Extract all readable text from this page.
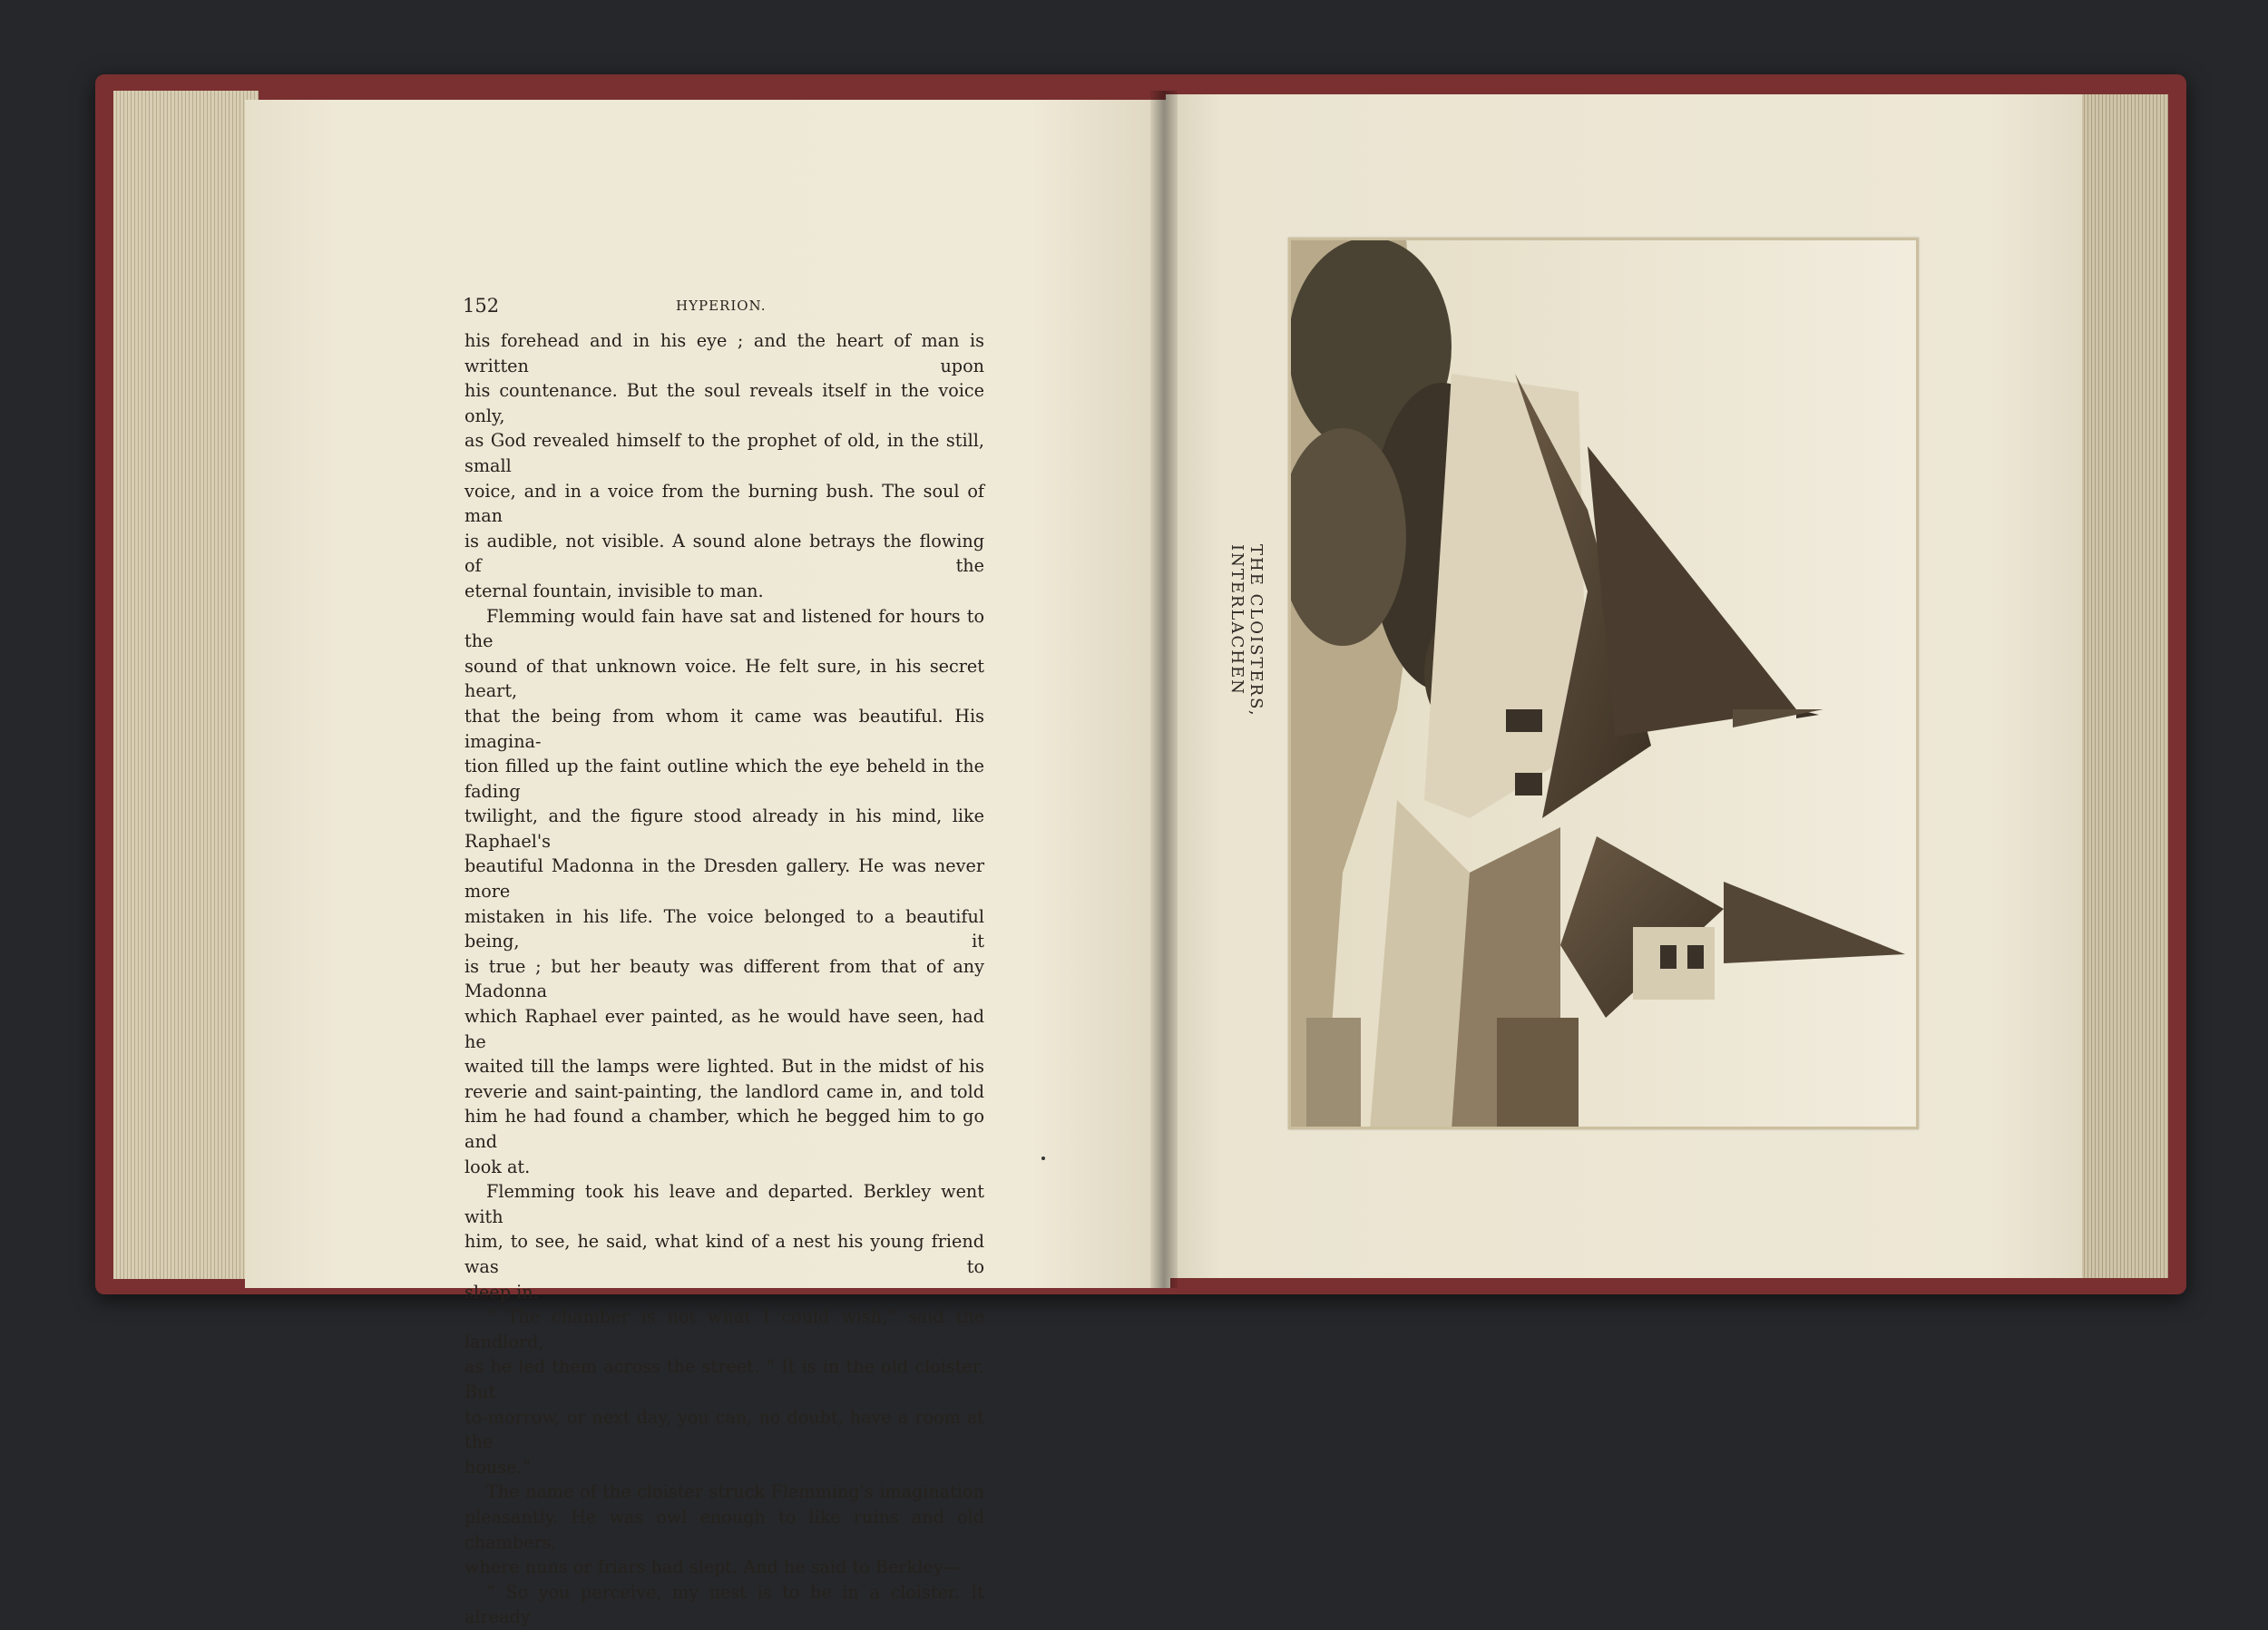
152	HYPERION.

his forehead and in his eye ; and the heart of man is written upon

his countenance. But the soul reveals itself in the voice only,

as God revealed himself to the prophet of old, in the still, small

voice, and in a voice from the burning bush. The soul of man

is audible, not visible. A sound alone betrays the flowing of the

eternal fountain, invisible to man.

Flemming would fain have sat and listened for hours to the

sound of that unknown voice. He felt sure, in his secret heart,

that the being from whom it came was beautiful. His imagina-

tion filled up the faint outline which the eye beheld in the fading

twilight, and the figure stood already in his mind, like Raphael's

beautiful Madonna in the Dresden gallery. He was never more

mistaken in his life. The voice belonged to a beautiful being, it

is true ; but her beauty was different from that of any Madonna

which Raphael ever painted, as he would have seen, had he

waited till the lamps were lighted. But in the midst of his

reverie and saint-painting, the landlord came in, and told

him he had found a chamber, which he begged him to go and

look at.

Flemming took his leave and departed. Berkley went with

him, to see, he said, what kind of a nest his young friend was to

sleep in.

“ The chamber is not what I could wish,” said the landlord,

as he led them across the street. “ It is in the old cloister. But

to-morrow, or next day, you can, no doubt, have a room at the

house.”

The name of the cloister struck Flemming's imagination

pleasantly. He was owl enough to like ruins and old chambers,

where nuns or friars had slept. And he said to Berkley—

“ So you perceive, my nest is to be in a cloister. It already

THE CLOISTERS, INTERLACHEN
